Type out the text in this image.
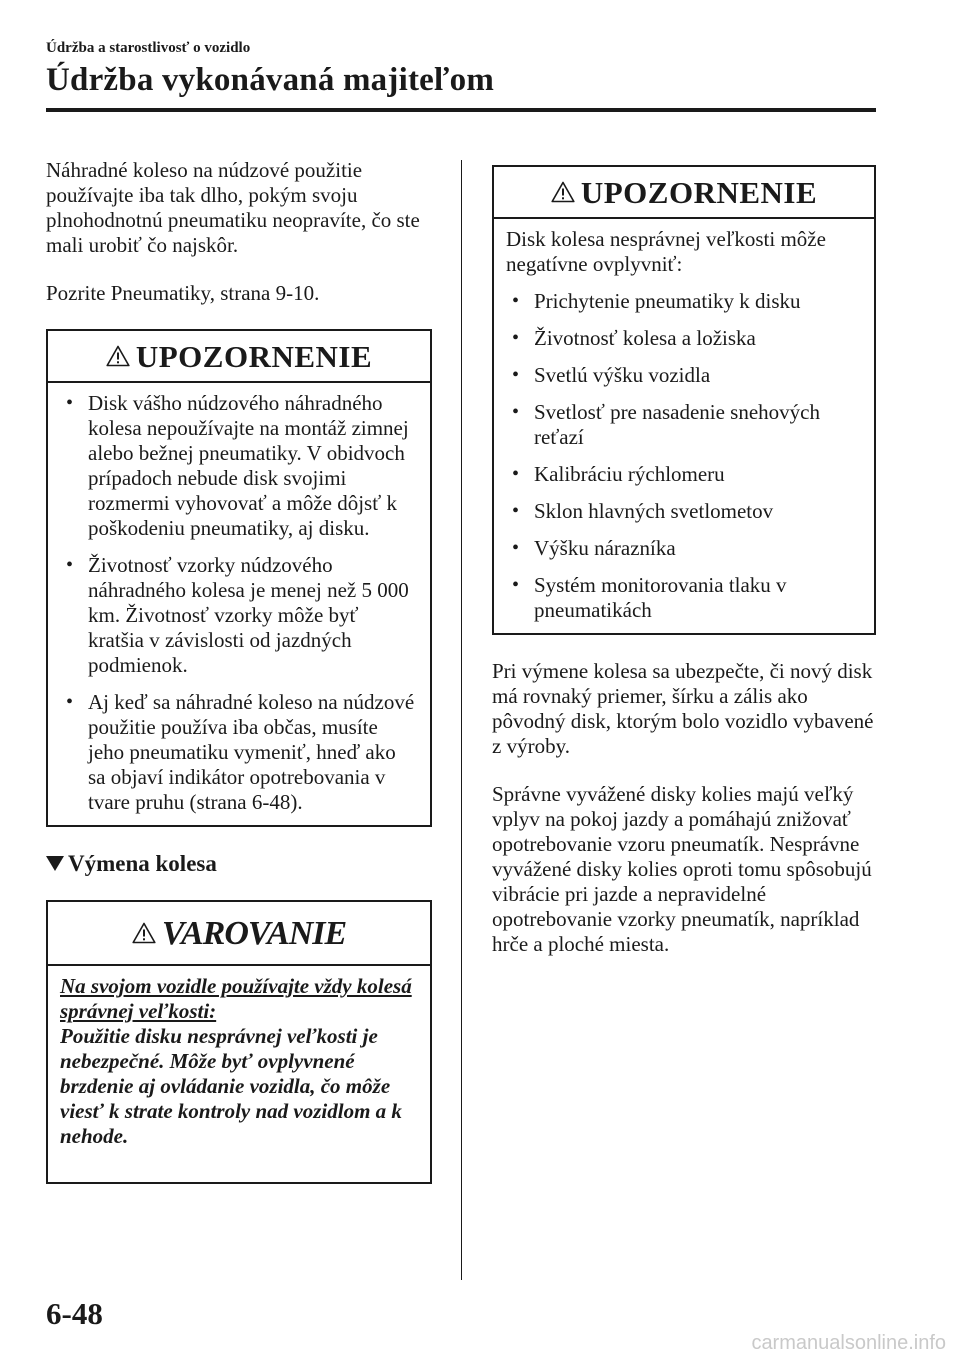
Údržba a starostlivosť o vozidlo
Údržba vykonávaná majiteľom

Náhradné koleso na núdzové použitie používajte iba tak dlho, pokým svoju plnohodnotnú pneumatiku neopravíte, čo ste mali urobiť čo najskôr.

Pozrite Pneumatiky, strana 9-10.

UPOZORNENIE
• Disk vášho núdzového náhradného kolesa nepoužívajte na montáž zimnej alebo bežnej pneumatiky. V obidvoch prípadoch nebude disk svojimi rozmermi vyhovovať a môže dôjsť k poškodeniu pneumatiky, aj disku.
• Životnosť vzorky núdzového náhradného kolesa je menej než 5 000 km. Životnosť vzorky môže byť kratšia v závislosti od jazdných podmienok.
• Aj keď sa náhradné koleso na núdzové použitie používa iba občas, musíte jeho pneumatiku vymeniť, hneď ako sa objaví indikátor opotrebovania v tvare pruhu (strana 6-48).
Výmena kolesa
VAROVANIE

Na svojom vozidle používajte vždy kolesá správnej veľkosti:
Použitie disku nesprávnej veľkosti je nebezpečné. Môže byť ovplyvnené brzdenie aj ovládanie vozidla, čo môže viesť k strate kontroly nad vozidlom a k nehode.

UPOZORNENIE

Disk kolesa nesprávnej veľkosti môže negatívne ovplyvniť:

• Prichytenie pneumatiky k disku
• Životnosť kolesa a ložiska
• Svetlú výšku vozidla
• Svetlosť pre nasadenie snehových reťazí
• Kalibráciu rýchlomeru
• Sklon hlavných svetlometov
• Výšku nárazníka
• Systém monitorovania tlaku v pneumatikách

Pri výmene kolesa sa ubezpečte, či nový disk má rovnaký priemer, šírku a zális ako pôvodný disk, ktorým bolo vozidlo vybavené z výroby.

Správne vyvážené disky kolies majú veľký vplyv na pokoj jazdy a pomáhajú znižovať opotrebovanie vzoru pneumatík. Nesprávne vyvážené disky kolies oproti tomu spôsobujú vibrácie pri jazde a nepravidelné opotrebovanie vzorky pneumatík, napríklad hrče a ploché miesta.

6-48
carmanualsonline.info
